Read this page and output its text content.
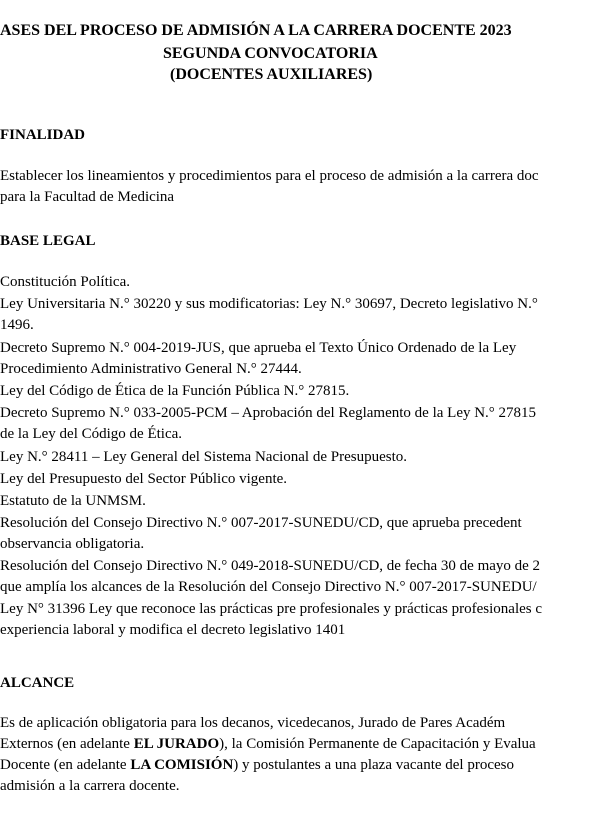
ASES DEL PROCESO DE ADMISIÓN A LA CARRERA DOCENTE 2023
SEGUNDA CONVOCATORIA
(DOCENTES AUXILIARES)
FINALIDAD
Establecer los lineamientos y procedimientos para el proceso de admisión a la carrera doc
para la Facultad de Medicina
BASE LEGAL
Constitución Política.
Ley Universitaria N.° 30220 y sus modificatorias: Ley N.° 30697, Decreto legislativo N.°
1496.
Decreto Supremo N.° 004-2019-JUS, que aprueba el Texto Único Ordenado de la Ley
Procedimiento Administrativo General N.° 27444.
Ley del Código de Ética de la Función Pública N.° 27815.
Decreto Supremo N.° 033-2005-PCM – Aprobación del Reglamento de la Ley N.° 27815
de la Ley del Código de Ética.
Ley N.° 28411 – Ley General del Sistema Nacional de Presupuesto.
Ley del Presupuesto del Sector Público vigente.
Estatuto de la UNMSM.
Resolución del Consejo Directivo N.° 007-2017-SUNEDU/CD, que aprueba precedent
observancia obligatoria.
Resolución del Consejo Directivo N.° 049-2018-SUNEDU/CD, de fecha 30 de mayo de 2
que amplía los alcances de la Resolución del Consejo Directivo N.° 007-2017-SUNEDU/
Ley N° 31396 Ley que reconoce las prácticas pre profesionales y prácticas profesionales c
experiencia laboral y modifica el decreto legislativo 1401
ALCANCE
Es de aplicación obligatoria para los decanos, vicedecanos, Jurado de Pares Académ
Externos (en adelante EL JURADO), la Comisión Permanente de Capacitación y Evalua
Docente (en adelante LA COMISIÓN) y postulantes a una plaza vacante del proceso
admisión a la carrera docente.
